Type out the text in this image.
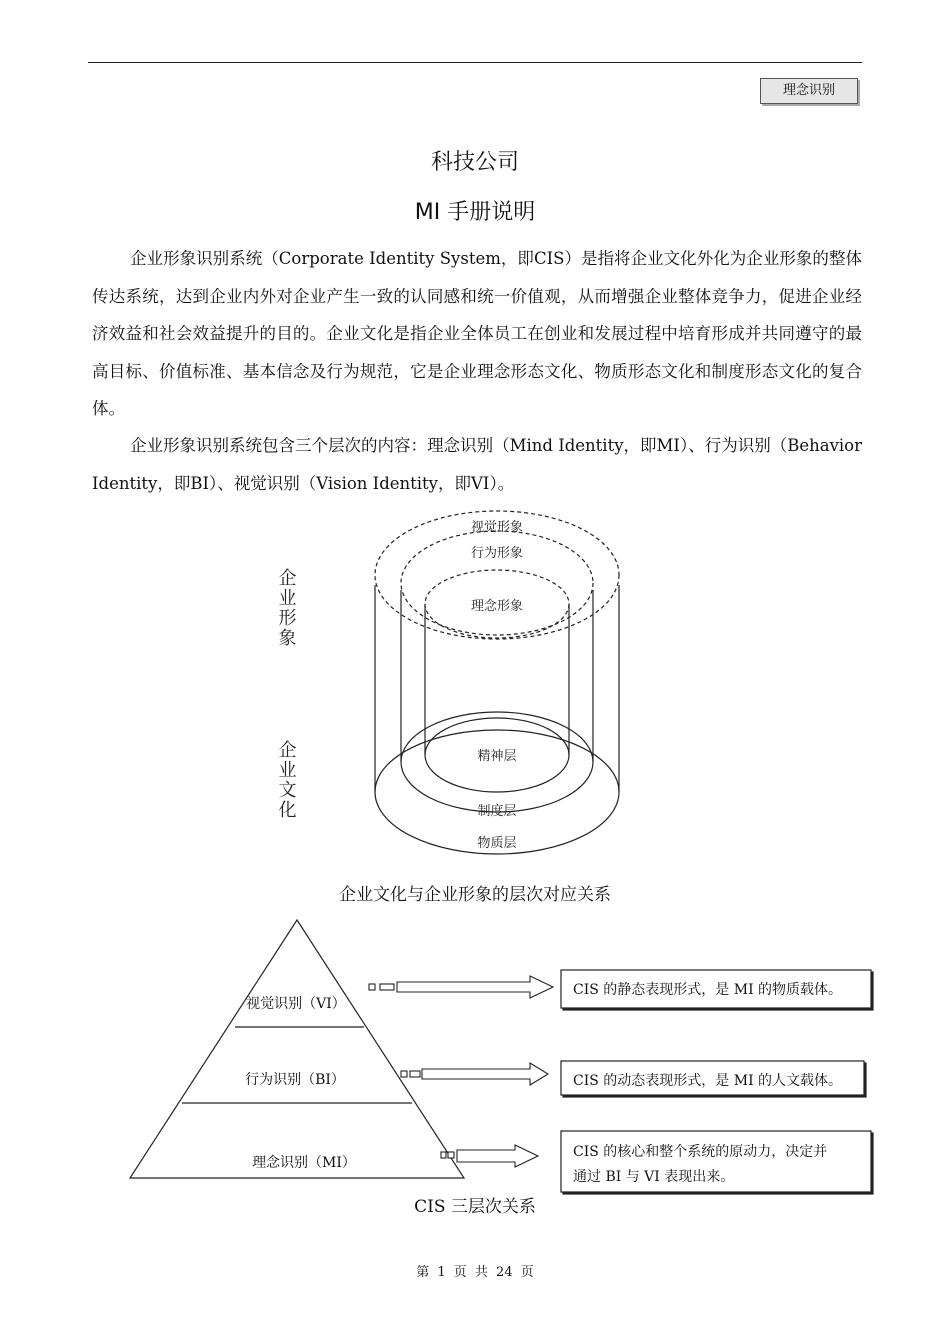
理念识别
科技公司
MI 手册说明

企业形象识别系统（Corporate Identity System，即CIS）是指将企业文化外化为企业形象的整体传达系统，达到企业内外对企业产生一致的认同感和统一价值观，从而增强企业整体竞争力，促进企业经济效益和社会效益提升的目的。企业文化是指企业全体员工在创业和发展过程中培育形成并共同遵守的最高目标、价值标准、基本信念及行为规范，它是企业理念形态文化、物质形态文化和制度形态文化的复合体。

企业形象识别系统包含三个层次的内容：理念识别（Mind Identity，即MI）、行为识别（Behavior Identity，即BI）、视觉识别（Vision Identity，即VI）。

视觉形象
行为形象
理念形象
精神层
制度层
物质层
企业形象
企业文化
企业文化与企业形象的层次对应关系
视觉识别（VI）
行为识别（BI）
理念识别（MI）
CIS 的静态表现形式，是 MI 的物质载体。
CIS 的动态表现形式，是 MI 的人文载体。
CIS 的核心和整个系统的原动力，决定并
通过 BI 与 VI 表现出来。
CIS 三层次关系
第 1 页 共 24 页
